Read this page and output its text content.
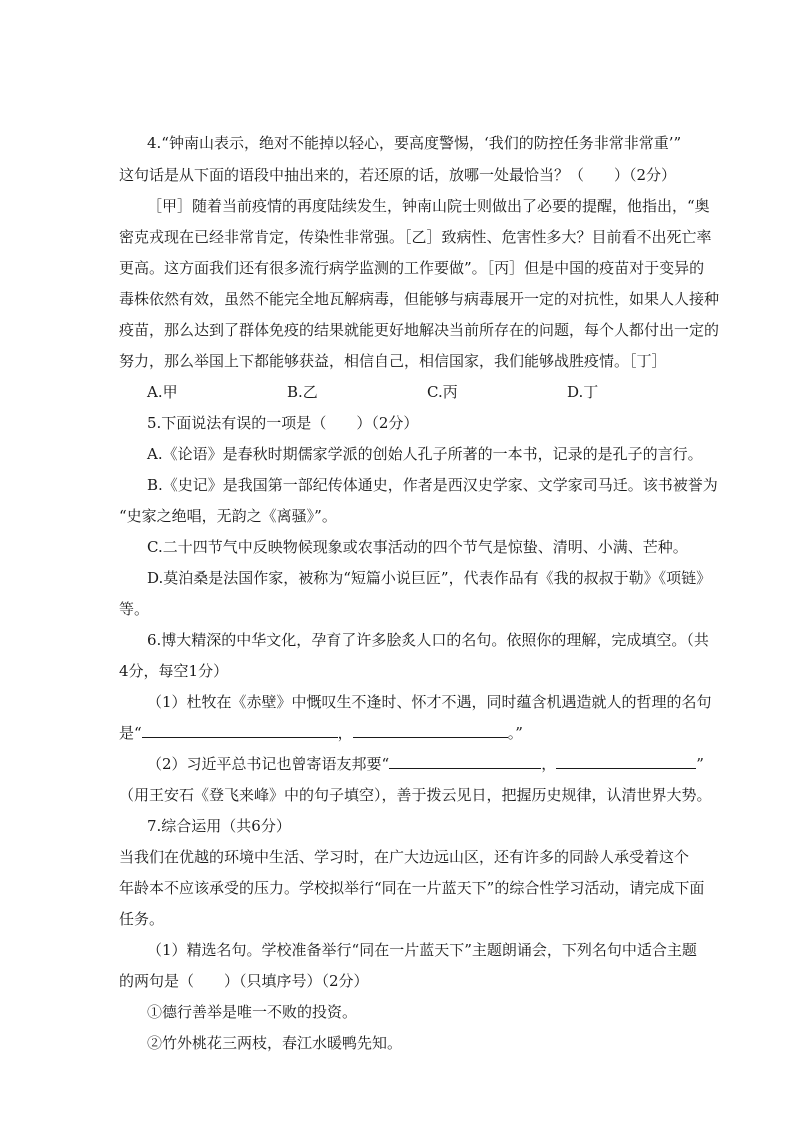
4.“钟南山表示，绝对不能掉以轻心，要高度警惕，‘我们的防控任务非常非常重’”
这句话是从下面的语段中抽出来的，若还原的话，放哪一处最恰当？（　　）（2分）
［甲］随着当前疫情的再度陆续发生，钟南山院士则做出了必要的提醒，他指出，“奥
密克戎现在已经非常肯定，传染性非常强。［乙］致病性、危害性多大？目前看不出死亡率
更高。这方面我们还有很多流行病学监测的工作要做”。［丙］但是中国的疫苗对于变异的
毒株依然有效，虽然不能完全地瓦解病毒，但能够与病毒展开一定的对抗性，如果人人接种
疫苗，那么达到了群体免疫的结果就能更好地解决当前所存在的问题，每个人都付出一定的
努力，那么举国上下都能够获益，相信自己，相信国家，我们能够战胜疫情。［丁］
A.甲	B.乙	C.丙	D.丁
5.下面说法有误的一项是（　　）（2分）
A.《论语》是春秋时期儒家学派的创始人孔子所著的一本书，记录的是孔子的言行。
B.《史记》是我国第一部纪传体通史，作者是西汉史学家、文学家司马迁。该书被誉为
“史家之绝唱，无韵之《离骚》”。
C.二十四节气中反映物候现象或农事活动的四个节气是惊蛰、清明、小满、芒种。
D.莫泊桑是法国作家，被称为“短篇小说巨匠”，代表作品有《我的叔叔于勒》《项链》
等。
6.博大精深的中华文化，孕育了许多脍炙人口的名句。依照你的理解，完成填空。（共
4分，每空1分）
（1）杜牧在《赤壁》中慨叹生不逢时、怀才不遇，同时蕴含机遇造就人的哲理的名句
是“	，	。”
（2）习近平总书记也曾寄语友邦要“	，	”
（用王安石《登飞来峰》中的句子填空），善于拨云见日，把握历史规律，认清世界大势。
7.综合运用（共6分）
当我们在优越的环境中生活、学习时，在广大边远山区，还有许多的同龄人承受着这个
年龄本不应该承受的压力。学校拟举行“同在一片蓝天下”的综合性学习活动，请完成下面
任务。
（1）精选名句。学校准备举行“同在一片蓝天下”主题朗诵会，下列名句中适合主题
的两句是（　　）（只填序号）（2分）
①德行善举是唯一不败的投资。
②竹外桃花三两枝，春江水暖鸭先知。
